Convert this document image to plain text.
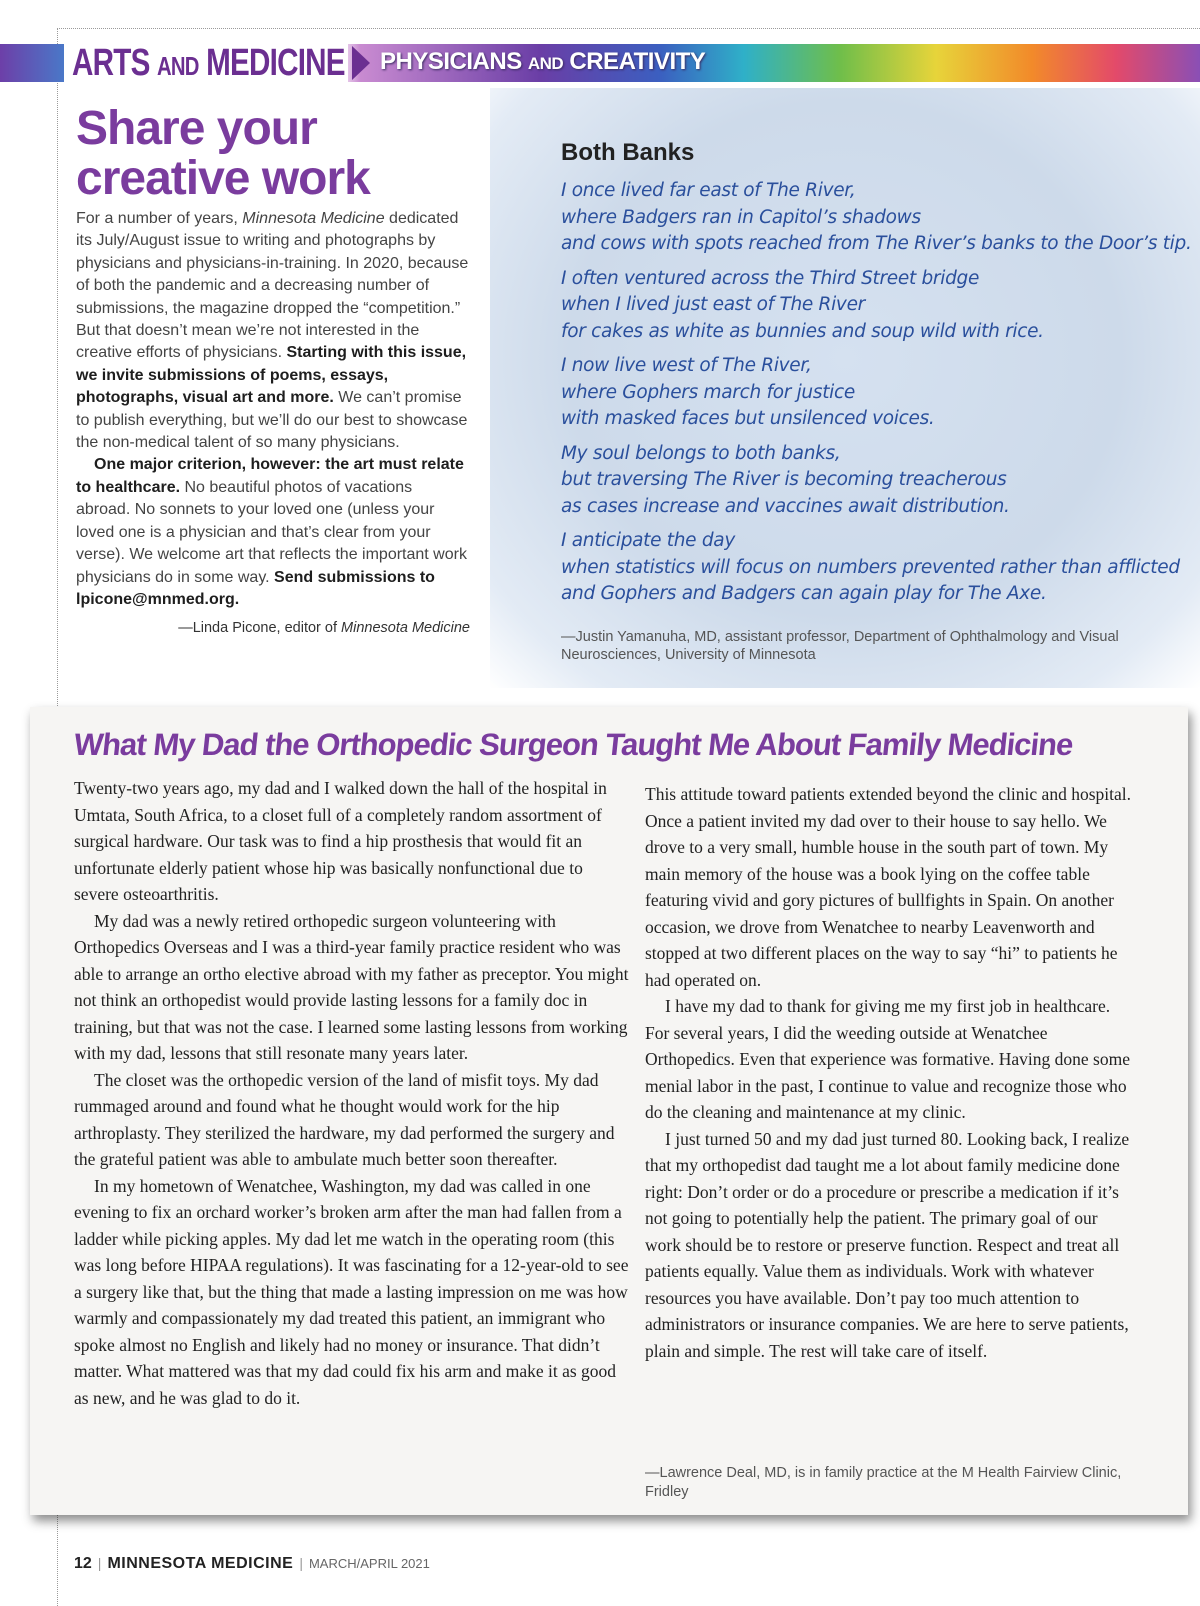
ARTS AND MEDICINE PHYSICIANS AND CREATIVITY
Share your creative work

For a number of years, Minnesota Medicine dedicated its July/August issue to writing and photographs by physicians and physicians-in-training. In 2020, because of both the pandemic and a decreasing number of submissions, the magazine dropped the “competition.” But that doesn’t mean we’re not interested in the creative efforts of physicians. Starting with this issue, we invite submissions of poems, essays, photographs, visual art and more. We can’t promise to publish everything, but we’ll do our best to showcase the non-medical talent of so many physicians.

One major criterion, however: the art must relate to healthcare. No beautiful photos of vacations abroad. No sonnets to your loved one (unless your loved one is a physician and that’s clear from your verse). We welcome art that reflects the important work physicians do in some way. Send submissions to lpicone@mnmed.org.

—Linda Picone, editor of Minnesota Medicine
Both Banks
I once lived far east of The River,
where Badgers ran in Capitol’s shadows
and cows with spots reached from The River’s banks to the Door’s tip.
I often ventured across the Third Street bridge
when I lived just east of The River
for cakes as white as bunnies and soup wild with rice.
I now live west of The River,
where Gophers march for justice
with masked faces but unsilenced voices.
My soul belongs to both banks,
but traversing The River is becoming treacherous
as cases increase and vaccines await distribution.
I anticipate the day
when statistics will focus on numbers prevented rather than afflicted
and Gophers and Badgers can again play for The Axe.
—Justin Yamanuha, MD, assistant professor, Department of Ophthalmology and Visual Neurosciences, University of Minnesota
What My Dad the Orthopedic Surgeon Taught Me About Family Medicine

Twenty-two years ago, my dad and I walked down the hall of the hospital in Umtata, South Africa, to a closet full of a completely random assortment of surgical hardware. Our task was to find a hip prosthesis that would fit an unfortunate elderly patient whose hip was basically nonfunctional due to severe osteoarthritis.

My dad was a newly retired orthopedic surgeon volunteering with Orthopedics Overseas and I was a third-year family practice resident who was able to arrange an ortho elective abroad with my father as preceptor. You might not think an orthopedist would provide lasting lessons for a family doc in training, but that was not the case. I learned some lasting lessons from working with my dad, lessons that still resonate many years later.

The closet was the orthopedic version of the land of misfit toys. My dad rummaged around and found what he thought would work for the hip arthroplasty. They sterilized the hardware, my dad performed the surgery and the grateful patient was able to ambulate much better soon thereafter.

In my hometown of Wenatchee, Washington, my dad was called in one evening to fix an orchard worker’s broken arm after the man had fallen from a ladder while picking apples. My dad let me watch in the operating room (this was long before HIPAA regulations). It was fascinating for a 12-year-old to see a surgery like that, but the thing that made a lasting impression on me was how warmly and compassionately my dad treated this patient, an immigrant who spoke almost no English and likely had no money or insurance. That didn’t matter. What mattered was that my dad could fix his arm and make it as good as new, and he was glad to do it.

This attitude toward patients extended beyond the clinic and hospital. Once a patient invited my dad over to their house to say hello. We drove to a very small, humble house in the south part of town. My main memory of the house was a book lying on the coffee table featuring vivid and gory pictures of bullfights in Spain. On another occasion, we drove from Wenatchee to nearby Leavenworth and stopped at two different places on the way to say “hi” to patients he had operated on.

I have my dad to thank for giving me my first job in healthcare. For several years, I did the weeding outside at Wenatchee Orthopedics. Even that experience was formative. Having done some menial labor in the past, I continue to value and recognize those who do the cleaning and maintenance at my clinic.

I just turned 50 and my dad just turned 80. Looking back, I realize that my orthopedist dad taught me a lot about family medicine done right: Don’t order or do a procedure or prescribe a medication if it’s not going to potentially help the patient. The primary goal of our work should be to restore or preserve function. Respect and treat all patients equally. Value them as individuals. Work with whatever resources you have available. Don’t pay too much attention to administrators or insurance companies. We are here to serve patients, plain and simple. The rest will take care of itself.

—Lawrence Deal, MD, is in family practice at the M Health Fairview Clinic, Fridley
12 | MINNESOTA MEDICINE | MARCH/APRIL 2021
